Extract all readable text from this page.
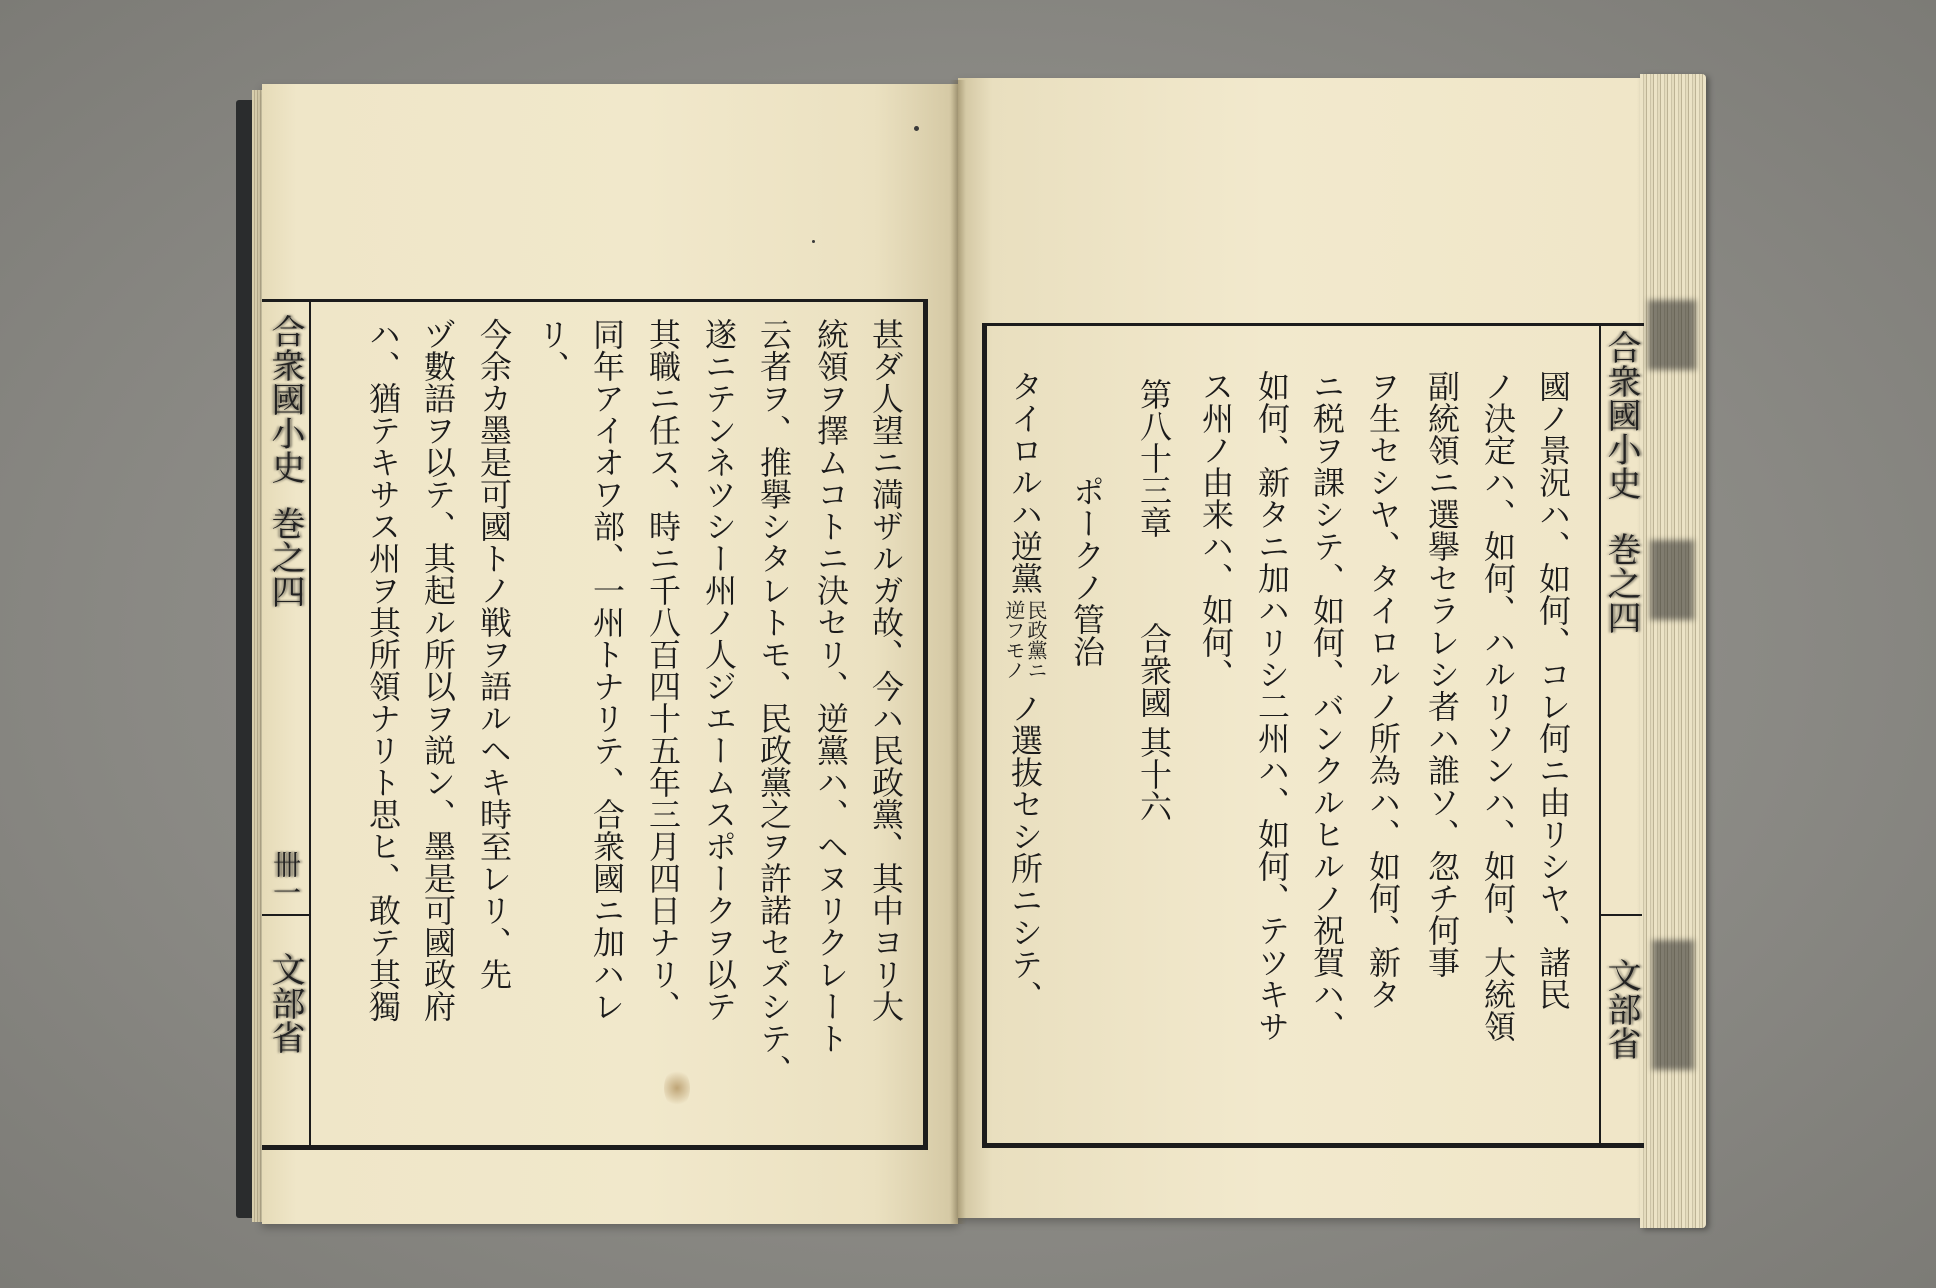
合衆國小史
巻之四
卌一
文部省	甚ダ人望ニ満ザルガ故、今ハ民政黨、其中ヨリ大
統領ヲ擇ムコトニ決セリ、逆黨ハ、ヘヌリクレート
云者ヲ、推擧シタレトモ、民政黨之ヲ許諾セズシテ、
遂ニテンネツシー州ノ人ジエームスポークヲ以テ
其職ニ任ス、時ニ千八百四十五年三月四日ナリ、
同年アイオワ部、一州トナリテ、合衆國ニ加ハレ
リ、
今余カ墨是可國トノ戦ヲ語ルヘキ時至レリ、先
ヅ數語ヲ以テ、其起ル所以ヲ説ン、墨是可國政府
ハ、猶テキサス州ヲ其所領ナリト思ヒ、敢テ其獨	合衆國小史
巻之四
文部省
國ノ景況ハ、如何、コレ何ニ由リシヤ、諸民
ノ決定ハ、如何、ハルリソンハ、如何、大統領
副統領ニ選擧セラレシ者ハ誰ソ、忽チ何事
ヲ生セシヤ、タイロルノ所為ハ、如何、新タ
ニ税ヲ課シテ、如何、バンクルヒルノ祝賀ハ、
如何、新タニ加ハリシ二州ハ、如何、テツキサ
ス州ノ由来ハ、如何、
第八十三章
合衆國
其十六
ポークノ管治
タイロルハ逆黨
民政黨ニ
逆フモノ
ノ選抜セシ所ニシテ、
